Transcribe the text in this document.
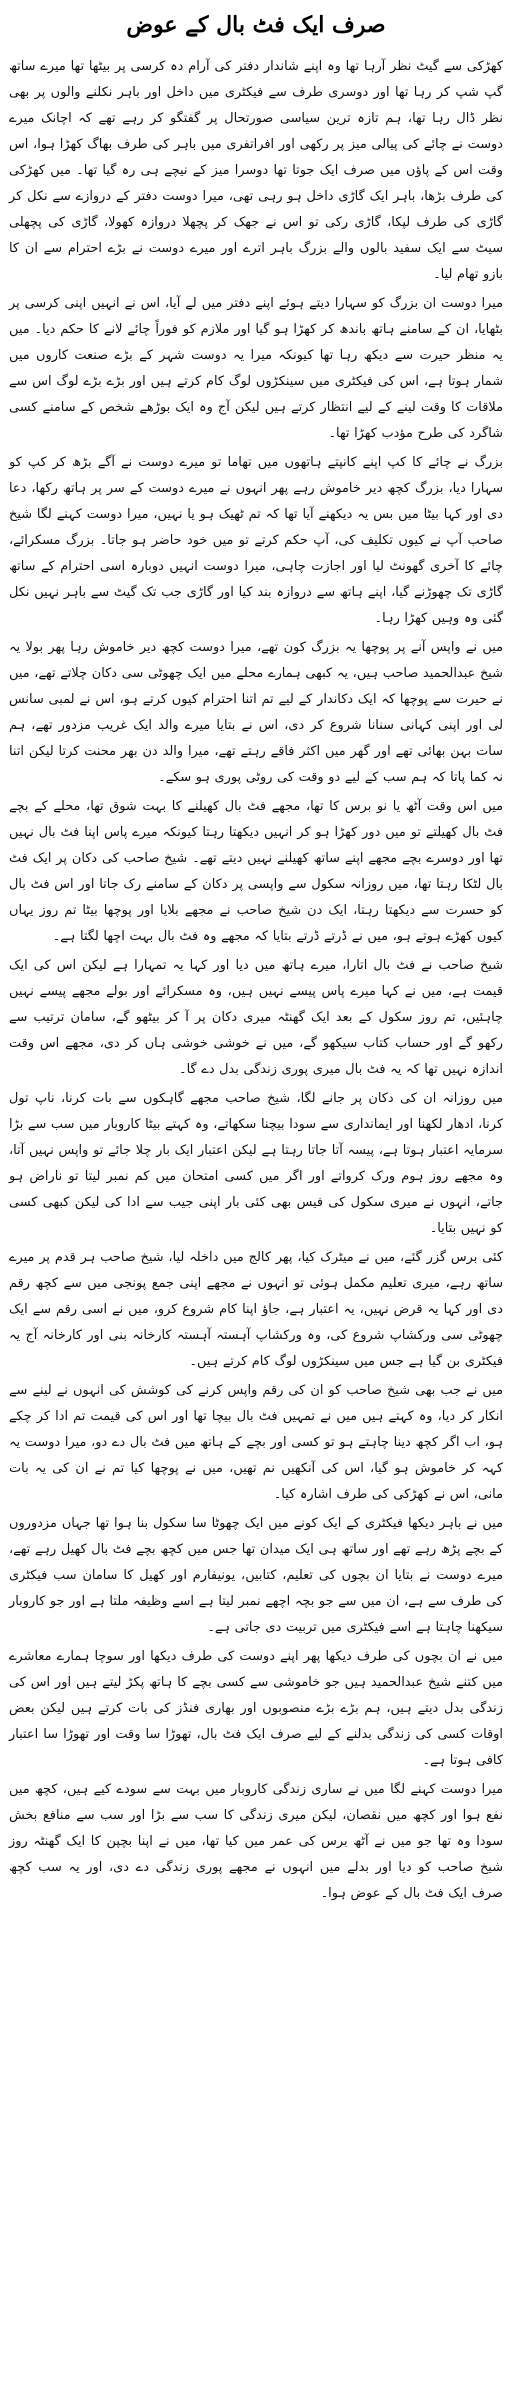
صرف ایک فٹ بال کے عوض

کھڑکی سے گیٹ نظر آرہا تھا وہ اپنے شاندار دفتر کی آرام دہ کرسی پر بیٹھا تھا میرے ساتھ گپ شپ کر رہا تھا اور دوسری طرف سے فیکٹری میں داخل اور باہر نکلنے والوں پر بھی نظر ڈال رہا تھا، ہم تازہ ترین سیاسی صورتحال پر گفتگو کر رہے تھے کہ اچانک میرے دوست نے چائے کی پیالی میز پر رکھی اور افراتفری میں باہر کی طرف بھاگ کھڑا ہوا، اس وقت اس کے پاؤں میں صرف ایک جوتا تھا دوسرا میز کے نیچے ہی رہ گیا تھا۔ میں کھڑکی کی طرف بڑھا، باہر ایک گاڑی داخل ہو رہی تھی، میرا دوست دفتر کے دروازے سے نکل کر گاڑی کی طرف لپکا، گاڑی رکی تو اس نے جھک کر پچھلا دروازہ کھولا، گاڑی کی پچھلی سیٹ سے ایک سفید بالوں والے بزرگ باہر اترے اور میرے دوست نے بڑے احترام سے ان کا بازو تھام لیا۔

میرا دوست ان بزرگ کو سہارا دیتے ہوئے اپنے دفتر میں لے آیا، اس نے انہیں اپنی کرسی پر بٹھایا، ان کے سامنے ہاتھ باندھ کر کھڑا ہو گیا اور ملازم کو فوراً چائے لانے کا حکم دیا۔ میں یہ منظر حیرت سے دیکھ رہا تھا کیونکہ میرا یہ دوست شہر کے بڑے صنعت کاروں میں شمار ہوتا ہے، اس کی فیکٹری میں سینکڑوں لوگ کام کرتے ہیں اور بڑے بڑے لوگ اس سے ملاقات کا وقت لینے کے لیے انتظار کرتے ہیں لیکن آج وہ ایک بوڑھے شخص کے سامنے کسی شاگرد کی طرح مؤدب کھڑا تھا۔

بزرگ نے چائے کا کپ اپنے کانپتے ہاتھوں میں تھاما تو میرے دوست نے آگے بڑھ کر کپ کو سہارا دیا، بزرگ کچھ دیر خاموش رہے پھر انہوں نے میرے دوست کے سر پر ہاتھ رکھا، دعا دی اور کہا بیٹا میں بس یہ دیکھنے آیا تھا کہ تم ٹھیک ہو یا نہیں، میرا دوست کہنے لگا شیخ صاحب آپ نے کیوں تکلیف کی، آپ حکم کرتے تو میں خود حاضر ہو جاتا۔ بزرگ مسکرائے، چائے کا آخری گھونٹ لیا اور اجازت چاہی، میرا دوست انہیں دوبارہ اسی احترام کے ساتھ گاڑی تک چھوڑنے گیا، اپنے ہاتھ سے دروازہ بند کیا اور گاڑی جب تک گیٹ سے باہر نہیں نکل گئی وہ وہیں کھڑا رہا۔

میں نے واپس آنے پر پوچھا یہ بزرگ کون تھے، میرا دوست کچھ دیر خاموش رہا پھر بولا یہ شیخ عبدالحمید صاحب ہیں، یہ کبھی ہمارے محلے میں ایک چھوٹی سی دکان چلاتے تھے، میں نے حیرت سے پوچھا کہ ایک دکاندار کے لیے تم اتنا احترام کیوں کرتے ہو، اس نے لمبی سانس لی اور اپنی کہانی سنانا شروع کر دی، اس نے بتایا میرے والد ایک غریب مزدور تھے، ہم سات بہن بھائی تھے اور گھر میں اکثر فاقے رہتے تھے، میرا والد دن بھر محنت کرتا لیکن اتنا نہ کما پاتا کہ ہم سب کے لیے دو وقت کی روٹی پوری ہو سکے۔

میں اس وقت آٹھ یا نو برس کا تھا، مجھے فٹ بال کھیلنے کا بہت شوق تھا، محلے کے بچے فٹ بال کھیلتے تو میں دور کھڑا ہو کر انہیں دیکھتا رہتا کیونکہ میرے پاس اپنا فٹ بال نہیں تھا اور دوسرے بچے مجھے اپنے ساتھ کھیلنے نہیں دیتے تھے۔ شیخ صاحب کی دکان پر ایک فٹ بال لٹکا رہتا تھا، میں روزانہ سکول سے واپسی پر دکان کے سامنے رک جاتا اور اس فٹ بال کو حسرت سے دیکھتا رہتا، ایک دن شیخ صاحب نے مجھے بلایا اور پوچھا بیٹا تم روز یہاں کیوں کھڑے ہوتے ہو، میں نے ڈرتے ڈرتے بتایا کہ مجھے وہ فٹ بال بہت اچھا لگتا ہے۔

شیخ صاحب نے فٹ بال اتارا، میرے ہاتھ میں دیا اور کہا یہ تمہارا ہے لیکن اس کی ایک قیمت ہے، میں نے کہا میرے پاس پیسے نہیں ہیں، وہ مسکرائے اور بولے مجھے پیسے نہیں چاہئیں، تم روز سکول کے بعد ایک گھنٹہ میری دکان پر آ کر بیٹھو گے، سامان ترتیب سے رکھو گے اور حساب کتاب سیکھو گے، میں نے خوشی خوشی ہاں کر دی، مجھے اس وقت اندازہ نہیں تھا کہ یہ فٹ بال میری پوری زندگی بدل دے گا۔

میں روزانہ ان کی دکان پر جانے لگا، شیخ صاحب مجھے گاہکوں سے بات کرنا، ناپ تول کرنا، ادھار لکھنا اور ایمانداری سے سودا بیچنا سکھاتے، وہ کہتے بیٹا کاروبار میں سب سے بڑا سرمایہ اعتبار ہوتا ہے، پیسہ آتا جاتا رہتا ہے لیکن اعتبار ایک بار چلا جائے تو واپس نہیں آتا، وہ مجھے روز ہوم ورک کرواتے اور اگر میں کسی امتحان میں کم نمبر لیتا تو ناراض ہو جاتے، انہوں نے میری سکول کی فیس بھی کئی بار اپنی جیب سے ادا کی لیکن کبھی کسی کو نہیں بتایا۔

کئی برس گزر گئے، میں نے میٹرک کیا، پھر کالج میں داخلہ لیا، شیخ صاحب ہر قدم پر میرے ساتھ رہے، میری تعلیم مکمل ہوئی تو انہوں نے مجھے اپنی جمع پونجی میں سے کچھ رقم دی اور کہا یہ قرض نہیں، یہ اعتبار ہے، جاؤ اپنا کام شروع کرو، میں نے اسی رقم سے ایک چھوٹی سی ورکشاپ شروع کی، وہ ورکشاپ آہستہ آہستہ کارخانہ بنی اور کارخانہ آج یہ فیکٹری بن گیا ہے جس میں سینکڑوں لوگ کام کرتے ہیں۔

میں نے جب بھی شیخ صاحب کو ان کی رقم واپس کرنے کی کوشش کی انہوں نے لینے سے انکار کر دیا، وہ کہتے ہیں میں نے تمہیں فٹ بال بیچا تھا اور اس کی قیمت تم ادا کر چکے ہو، اب اگر کچھ دینا چاہتے ہو تو کسی اور بچے کے ہاتھ میں فٹ بال دے دو، میرا دوست یہ کہہ کر خاموش ہو گیا، اس کی آنکھیں نم تھیں، میں نے پوچھا کیا تم نے ان کی یہ بات مانی، اس نے کھڑکی کی طرف اشارہ کیا۔

میں نے باہر دیکھا فیکٹری کے ایک کونے میں ایک چھوٹا سا سکول بنا ہوا تھا جہاں مزدوروں کے بچے پڑھ رہے تھے اور ساتھ ہی ایک میدان تھا جس میں کچھ بچے فٹ بال کھیل رہے تھے، میرے دوست نے بتایا ان بچوں کی تعلیم، کتابیں، یونیفارم اور کھیل کا سامان سب فیکٹری کی طرف سے ہے، ان میں سے جو بچہ اچھے نمبر لیتا ہے اسے وظیفہ ملتا ہے اور جو کاروبار سیکھنا چاہتا ہے اسے فیکٹری میں تربیت دی جاتی ہے۔

میں نے ان بچوں کی طرف دیکھا پھر اپنے دوست کی طرف دیکھا اور سوچا ہمارے معاشرے میں کتنے شیخ عبدالحمید ہیں جو خاموشی سے کسی بچے کا ہاتھ پکڑ لیتے ہیں اور اس کی زندگی بدل دیتے ہیں، ہم بڑے بڑے منصوبوں اور بھاری فنڈز کی بات کرتے ہیں لیکن بعض اوقات کسی کی زندگی بدلنے کے لیے صرف ایک فٹ بال، تھوڑا سا وقت اور تھوڑا سا اعتبار کافی ہوتا ہے۔

میرا دوست کہنے لگا میں نے ساری زندگی کاروبار میں بہت سے سودے کیے ہیں، کچھ میں نفع ہوا اور کچھ میں نقصان، لیکن میری زندگی کا سب سے بڑا اور سب سے منافع بخش سودا وہ تھا جو میں نے آٹھ برس کی عمر میں کیا تھا، میں نے اپنا بچپن کا ایک گھنٹہ روز شیخ صاحب کو دیا اور بدلے میں انہوں نے مجھے پوری زندگی دے دی، اور یہ سب کچھ صرف ایک فٹ بال کے عوض ہوا۔
